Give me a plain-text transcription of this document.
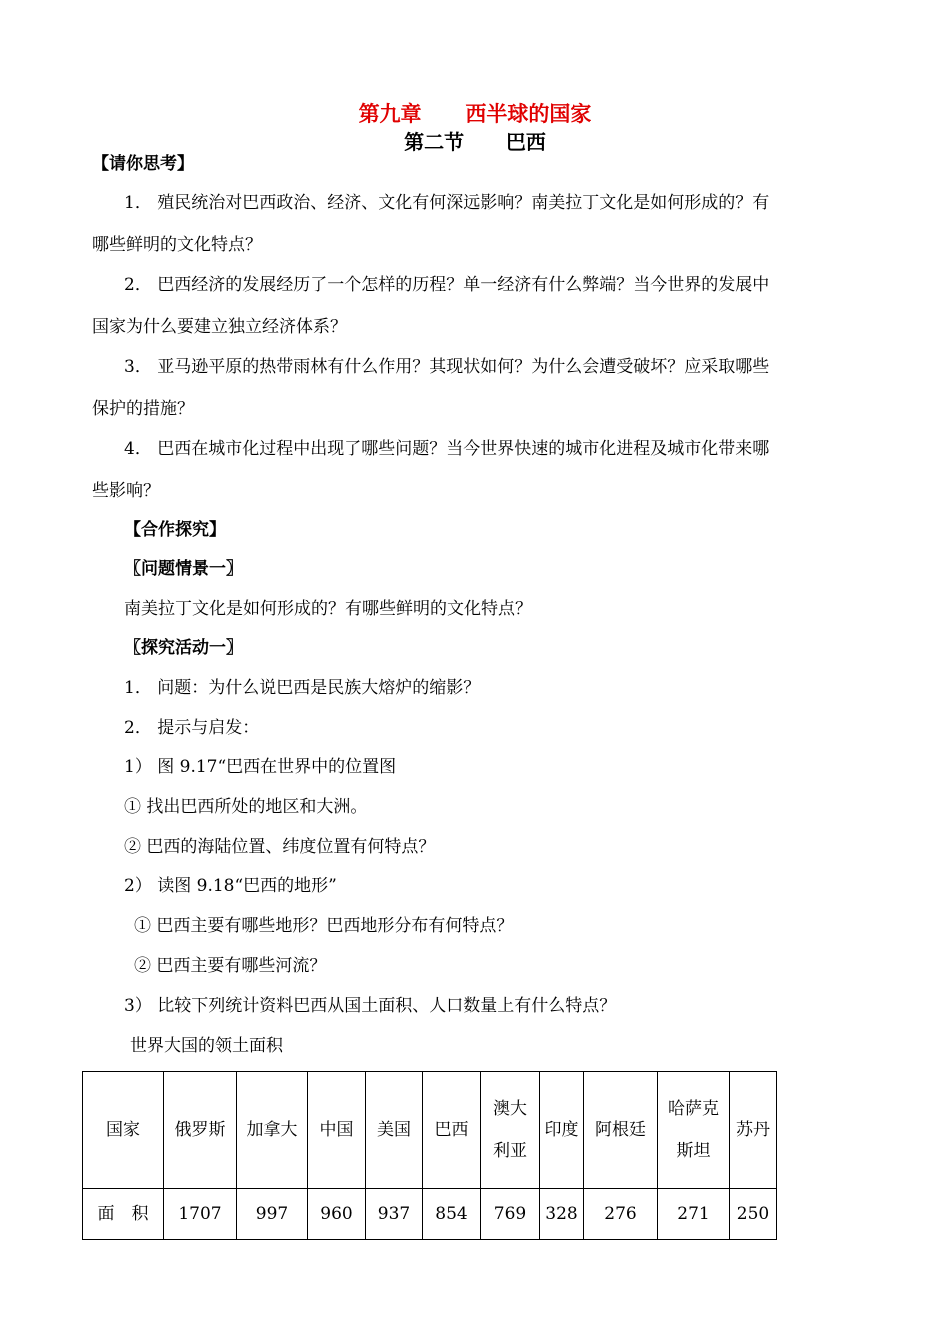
第九章      西半球的国家
第二节      巴西
【请你思考】
1． 殖民统治对巴西政治、经济、文化有何深远影响？南美拉丁文化是如何形成的？有
哪些鲜明的文化特点？
2． 巴西经济的发展经历了一个怎样的历程？单一经济有什么弊端？当今世界的发展中
国家为什么要建立独立经济体系？
3． 亚马逊平原的热带雨林有什么作用？其现状如何？为什么会遭受破坏？应采取哪些
保护的措施？
4． 巴西在城市化过程中出现了哪些问题？当今世界快速的城市化进程及城市化带来哪
些影响？
【合作探究】
〖问题情景一〗
南美拉丁文化是如何形成的？有哪些鲜明的文化特点？
〖探究活动一〗
1． 问题：为什么说巴西是民族大熔炉的缩影？
2． 提示与启发：
1） 图 9.17“巴西在世界中的位置图
① 找出巴西所处的地区和大洲。
② 巴西的海陆位置、纬度位置有何特点？
2） 读图 9.18“巴西的地形”
① 巴西主要有哪些地形？巴西地形分布有何特点？
② 巴西主要有哪些河流？
3） 比较下列统计资料巴西从国土面积、人口数量上有什么特点？
世界大国的领土面积
国家	俄罗斯	加拿大	中国	美国	巴西	澳大利亚	印度	阿根廷	哈萨克斯坦	苏丹
面　积	1707	997	960	937	854	769	328	276	271	250
